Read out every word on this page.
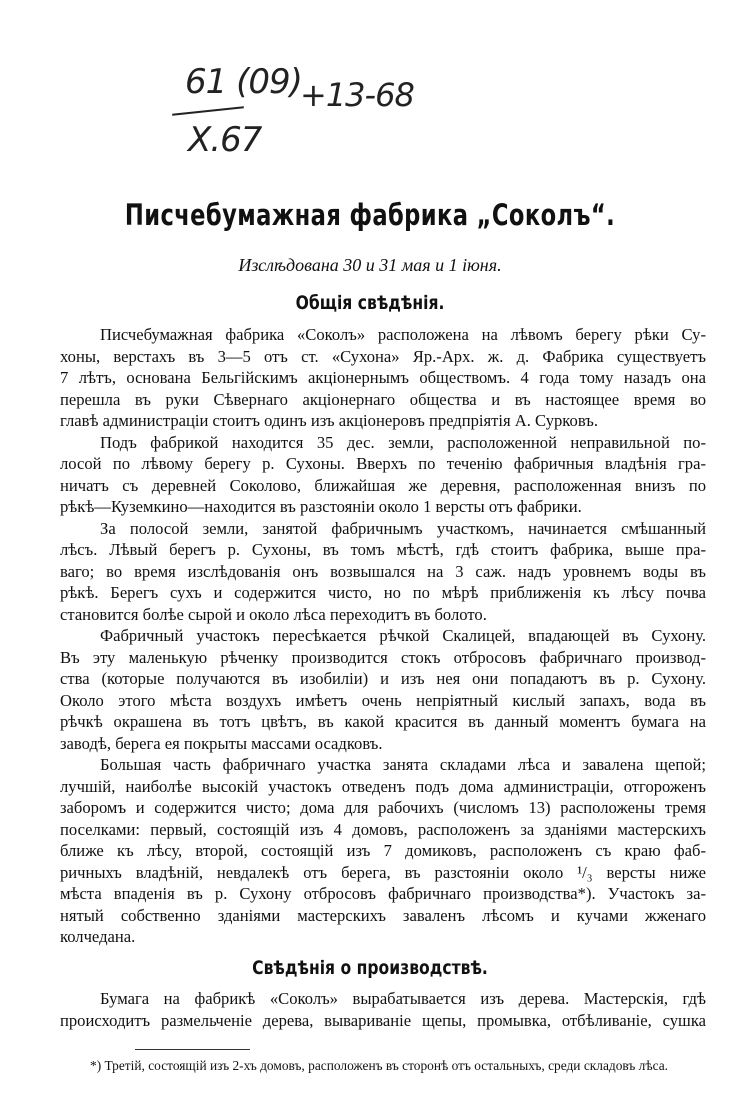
61 (09)
X.67
+13-68
Писчебумажная фабрика „Соколъ“.
Изслѣдована 30 и 31 мая и 1 іюня.
Общія свѣдѣнія.
Писчебумажная фабрика «Соколъ» расположена на лѣвомъ берегу рѣки Су-
хоны, верстахъ въ 3—5 отъ ст. «Сухона» Яр.-Арх. ж. д. Фабрика существуетъ
7 лѣтъ, основана Бельгійскимъ акціонернымъ обществомъ. 4 года тому назадъ она
перешла въ руки Сѣвернаго акціонернаго общества и въ настоящее время во
главѣ администраціи стоитъ одинъ изъ акціонеровъ предпріятія А. Сурковъ.
Подъ фабрикой находится 35 дес. земли, расположенной неправильной по-
лосой по лѣвому берегу р. Сухоны. Вверхъ по теченію фабричныя владѣнія гра-
ничатъ съ деревней Соколово, ближайшая же деревня, расположенная внизъ по
рѣкѣ—Куземкино—находится въ разстояніи около 1 версты отъ фабрики.
За полосой земли, занятой фабричнымъ участкомъ, начинается смѣшанный
лѣсъ. Лѣвый берегъ р. Сухоны, въ томъ мѣстѣ, гдѣ стоитъ фабрика, выше пра-
ваго; во время изслѣдованія онъ возвышался на 3 саж. надъ уровнемъ воды въ
рѣкѣ. Берегъ сухъ и содержится чисто, но по мѣрѣ приближенія къ лѣсу почва
становится болѣе сырой и около лѣса переходитъ въ болото.
Фабричный участокъ пересѣкается рѣчкой Скалицей, впадающей въ Сухону.
Въ эту маленькую рѣченку производится стокъ отбросовъ фабричнаго производ-
ства (которые получаются въ изобиліи) и изъ нея они попадаютъ въ р. Сухону.
Около этого мѣста воздухъ имѣетъ очень непріятный кислый запахъ, вода въ
рѣчкѣ окрашена въ тотъ цвѣтъ, въ какой красится въ данный моментъ бумага на
заводѣ, берега ея покрыты массами осадковъ.
Большая часть фабричнаго участка занята складами лѣса и завалена щепой;
лучшій, наиболѣе высокій участокъ отведенъ подъ дома администраціи, отгороженъ
заборомъ и содержится чисто; дома для рабочихъ (числомъ 13) расположены тремя
поселками: первый, состоящій изъ 4 домовъ, расположенъ за зданіями мастерскихъ
ближе къ лѣсу, второй, состоящій изъ 7 домиковъ, расположенъ съ краю фаб-
ричныхъ владѣній, невдалекѣ отъ берега, въ разстояніи около ¹/₃ версты ниже
мѣста впаденія въ р. Сухону отбросовъ фабричнаго производства*). Участокъ за-
нятый собственно зданіями мастерскихъ заваленъ лѣсомъ и кучами жженаго
колчедана.
Свѣдѣнія о производствѣ.
Бумага на фабрикѣ «Соколъ» вырабатывается изъ дерева. Мастерскія, гдѣ
происходитъ размельченіе дерева, вывариваніе щепы, промывка, отбѣливаніе, сушка
*) Третій, состоящій изъ 2-хъ домовъ, расположенъ въ сторонѣ отъ остальныхъ, среди складовъ лѣса.
